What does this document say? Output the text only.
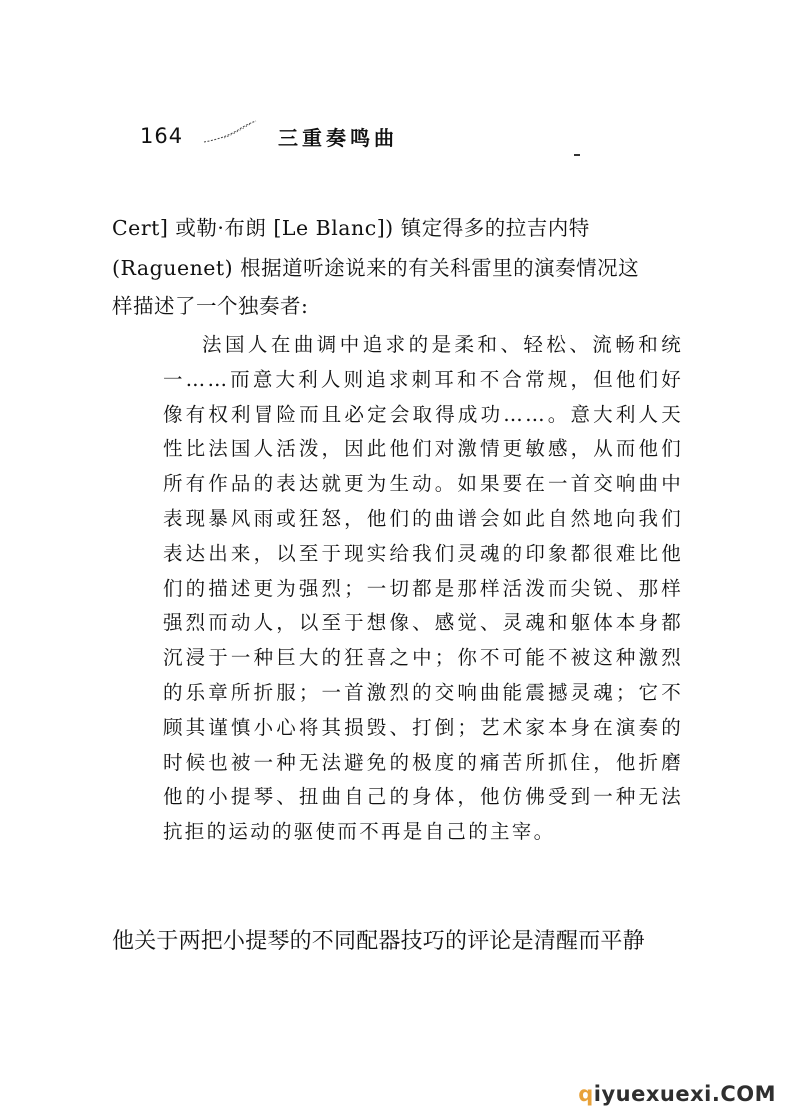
164	三重奏鸣曲

Cert] 或勒·布朗 [Le Blanc]) 镇定得多的拉吉内特

(Raguenet) 根据道听途说来的有关科雷里的演奏情况这

样描述了一个独奏者:

法国人在曲调中追求的是柔和、轻松、流畅和统一……而意大利人则追求刺耳和不合常规，但他们好像有权利冒险而且必定会取得成功……。意大利人天性比法国人活泼，因此他们对激情更敏感，从而他们所有作品的表达就更为生动。如果要在一首交响曲中表现暴风雨或狂怒，他们的曲谱会如此自然地向我们表达出来，以至于现实给我们灵魂的印象都很难比他们的描述更为强烈；一切都是那样活泼而尖锐、那样强烈而动人，以至于想像、感觉、灵魂和躯体本身都沉浸于一种巨大的狂喜之中；你不可能不被这种激烈的乐章所折服；一首激烈的交响曲能震撼灵魂；它不顾其谨慎小心将其损毁、打倒；艺术家本身在演奏的时候也被一种无法避免的极度的痛苦所抓住，他折磨他的小提琴、扭曲自己的身体，他仿佛受到一种无法抗拒的运动的驱使而不再是自己的主宰。

他关于两把小提琴的不同配器技巧的评论是清醒而平静

qiyuexuexi.COM
